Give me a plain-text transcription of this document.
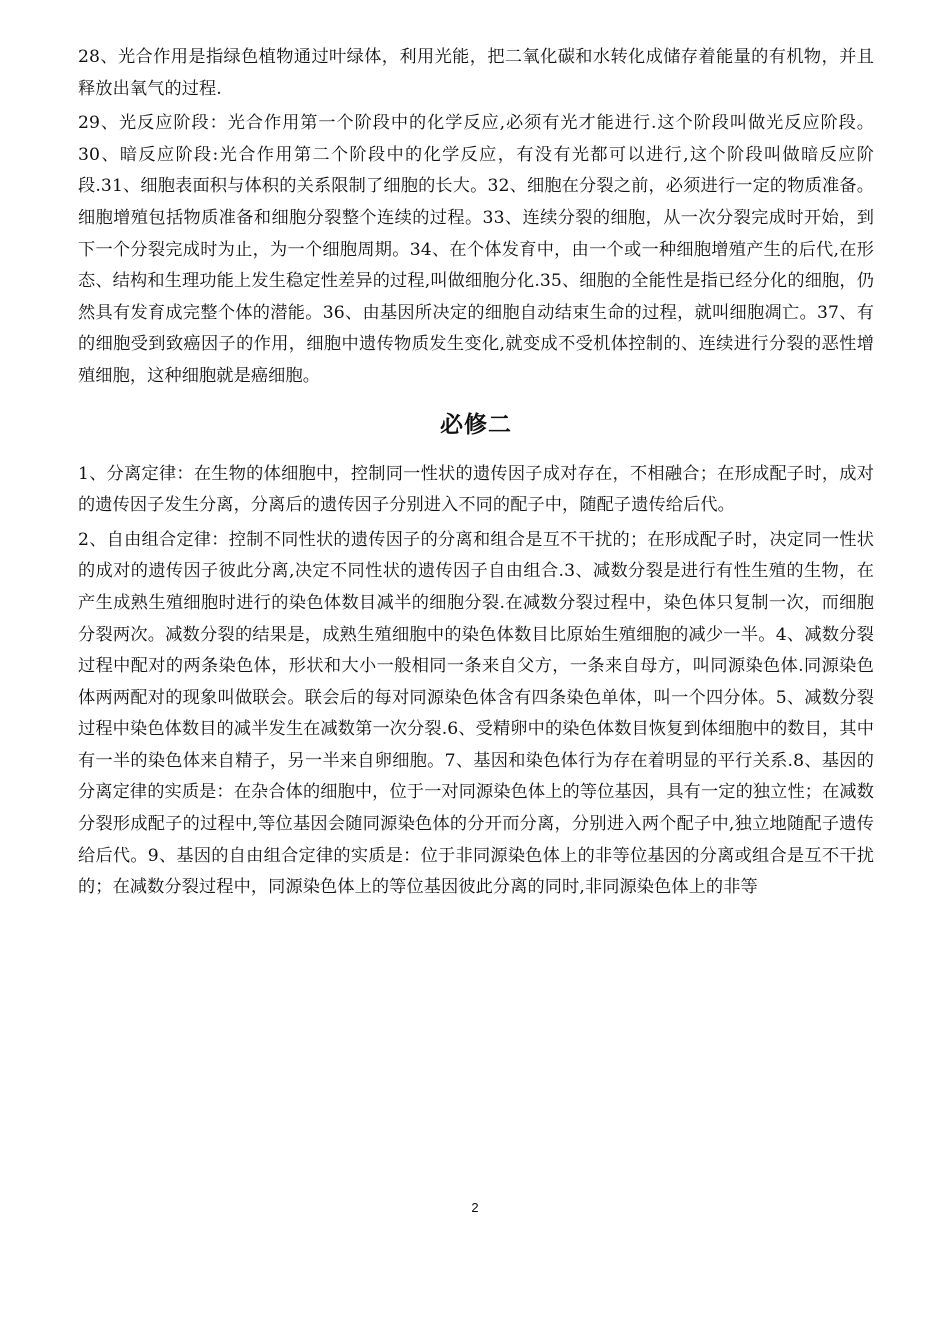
28、光合作用是指绿色植物通过叶绿体，利用光能，把二氧化碳和水转化成储存着能量的有机物，并且释放出氧气的过程.

29、光反应阶段：光合作用第一个阶段中的化学反应,必须有光才能进行.这个阶段叫做光反应阶段。30、暗反应阶段:光合作用第二个阶段中的化学反应，有没有光都可以进行,这个阶段叫做暗反应阶段.31、细胞表面积与体积的关系限制了细胞的长大。32、细胞在分裂之前，必须进行一定的物质准备。细胞增殖包括物质准备和细胞分裂整个连续的过程。33、连续分裂的细胞，从一次分裂完成时开始，到下一个分裂完成时为止，为一个细胞周期。34、在个体发育中，由一个或一种细胞增殖产生的后代,在形态、结构和生理功能上发生稳定性差异的过程,叫做细胞分化.35、细胞的全能性是指已经分化的细胞，仍然具有发育成完整个体的潜能。36、由基因所决定的细胞自动结束生命的过程，就叫细胞凋亡。37、有的细胞受到致癌因子的作用，细胞中遗传物质发生变化,就变成不受机体控制的、连续进行分裂的恶性增殖细胞，这种细胞就是癌细胞。

必修二

1、分离定律：在生物的体细胞中，控制同一性状的遗传因子成对存在，不相融合；在形成配子时，成对的遗传因子发生分离，分离后的遗传因子分别进入不同的配子中，随配子遗传给后代。

2、自由组合定律：控制不同性状的遗传因子的分离和组合是互不干扰的；在形成配子时，决定同一性状的成对的遗传因子彼此分离,决定不同性状的遗传因子自由组合.3、减数分裂是进行有性生殖的生物，在产生成熟生殖细胞时进行的染色体数目减半的细胞分裂.在减数分裂过程中，染色体只复制一次，而细胞分裂两次。减数分裂的结果是，成熟生殖细胞中的染色体数目比原始生殖细胞的减少一半。4、减数分裂过程中配对的两条染色体，形状和大小一般相同一条来自父方，一条来自母方，叫同源染色体.同源染色体两两配对的现象叫做联会。联会后的每对同源染色体含有四条染色单体，叫一个四分体。5、减数分裂过程中染色体数目的减半发生在减数第一次分裂.6、受精卵中的染色体数目恢复到体细胞中的数目，其中有一半的染色体来自精子，另一半来自卵细胞。7、基因和染色体行为存在着明显的平行关系.8、基因的分离定律的实质是：在杂合体的细胞中，位于一对同源染色体上的等位基因，具有一定的独立性；在减数分裂形成配子的过程中,等位基因会随同源染色体的分开而分离，分别进入两个配子中,独立地随配子遗传给后代。9、基因的自由组合定律的实质是：位于非同源染色体上的非等位基因的分离或组合是互不干扰的；在减数分裂过程中，同源染色体上的等位基因彼此分离的同时,非同源染色体上的非等

2
